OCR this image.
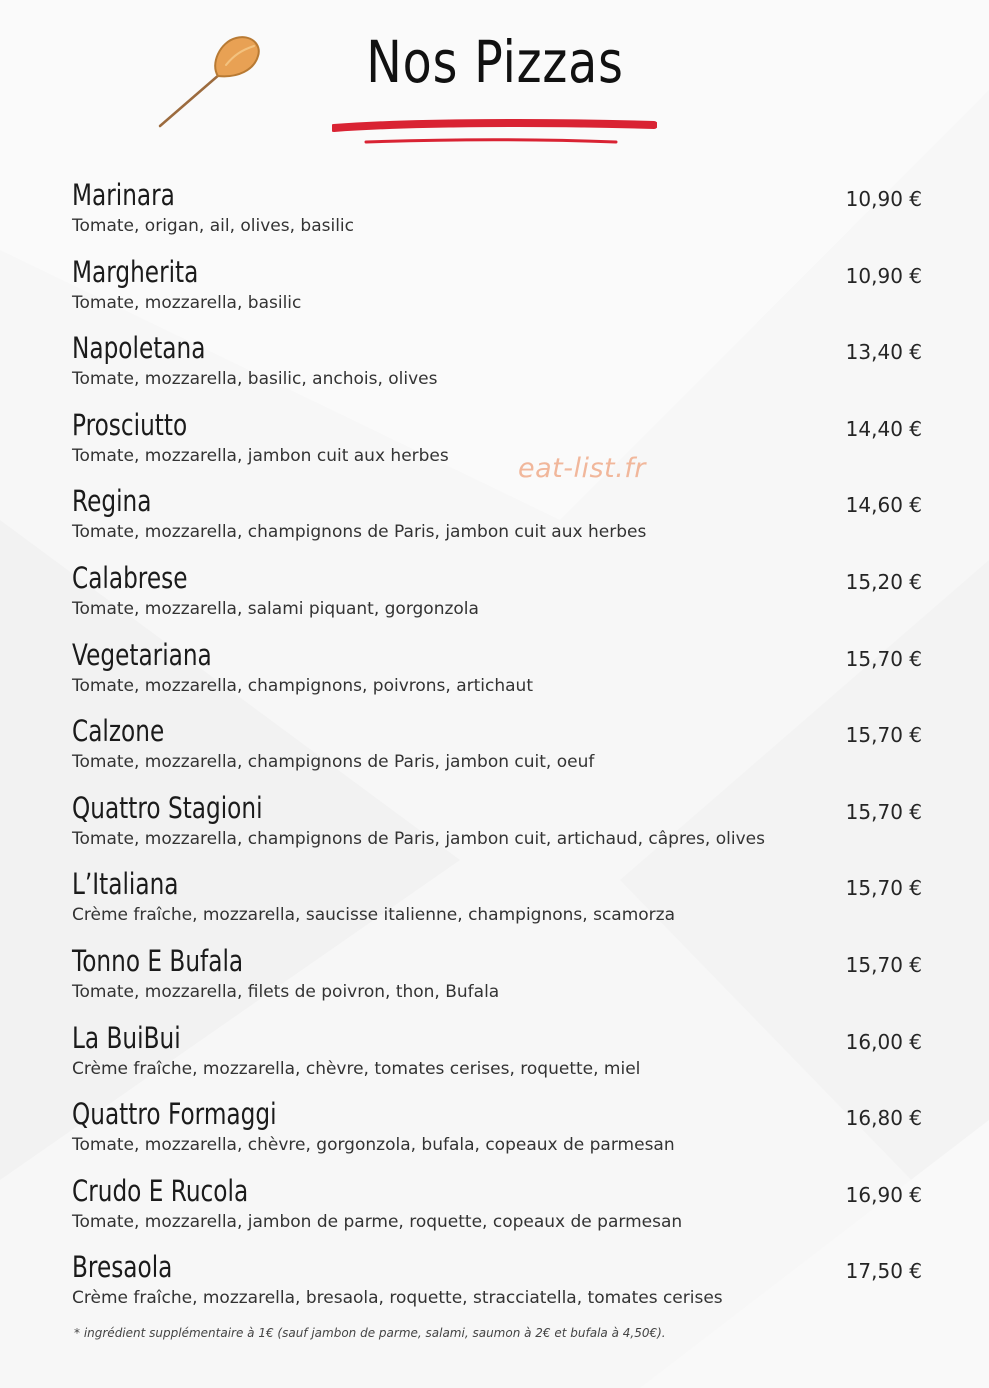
Nos Pizzas
eat-list.fr
Marinara
Tomate, origan, ail, olives, basilic
10,90 €
Margherita
Tomate, mozzarella, basilic
10,90 €
Napoletana
Tomate, mozzarella, basilic, anchois, olives
13,40 €
Prosciutto
Tomate, mozzarella, jambon cuit aux herbes
14,40 €
Regina
Tomate, mozzarella, champignons de Paris, jambon cuit aux herbes
14,60 €
Calabrese
Tomate, mozzarella, salami piquant, gorgonzola
15,20 €
Vegetariana
Tomate, mozzarella, champignons, poivrons, artichaut
15,70 €
Calzone
Tomate, mozzarella, champignons de Paris, jambon cuit, oeuf
15,70 €
Quattro Stagioni
Tomate, mozzarella, champignons de Paris, jambon cuit, artichaud, câpres, olives
15,70 €
L’Italiana
Crème fraîche, mozzarella, saucisse italienne, champignons, scamorza
15,70 €
Tonno E Bufala
Tomate, mozzarella, filets de poivron, thon, Bufala
15,70 €
La BuiBui
Crème fraîche, mozzarella, chèvre, tomates cerises, roquette, miel
16,00 €
Quattro Formaggi
Tomate, mozzarella, chèvre, gorgonzola, bufala, copeaux de parmesan
16,80 €
Crudo E Rucola
Tomate, mozzarella, jambon de parme, roquette, copeaux de parmesan
16,90 €
Bresaola
Crème fraîche, mozzarella, bresaola, roquette, stracciatella, tomates cerises
17,50 €
* ingrédient supplémentaire à 1€ (sauf jambon de parme, salami, saumon à 2€ et bufala à 4,50€).
